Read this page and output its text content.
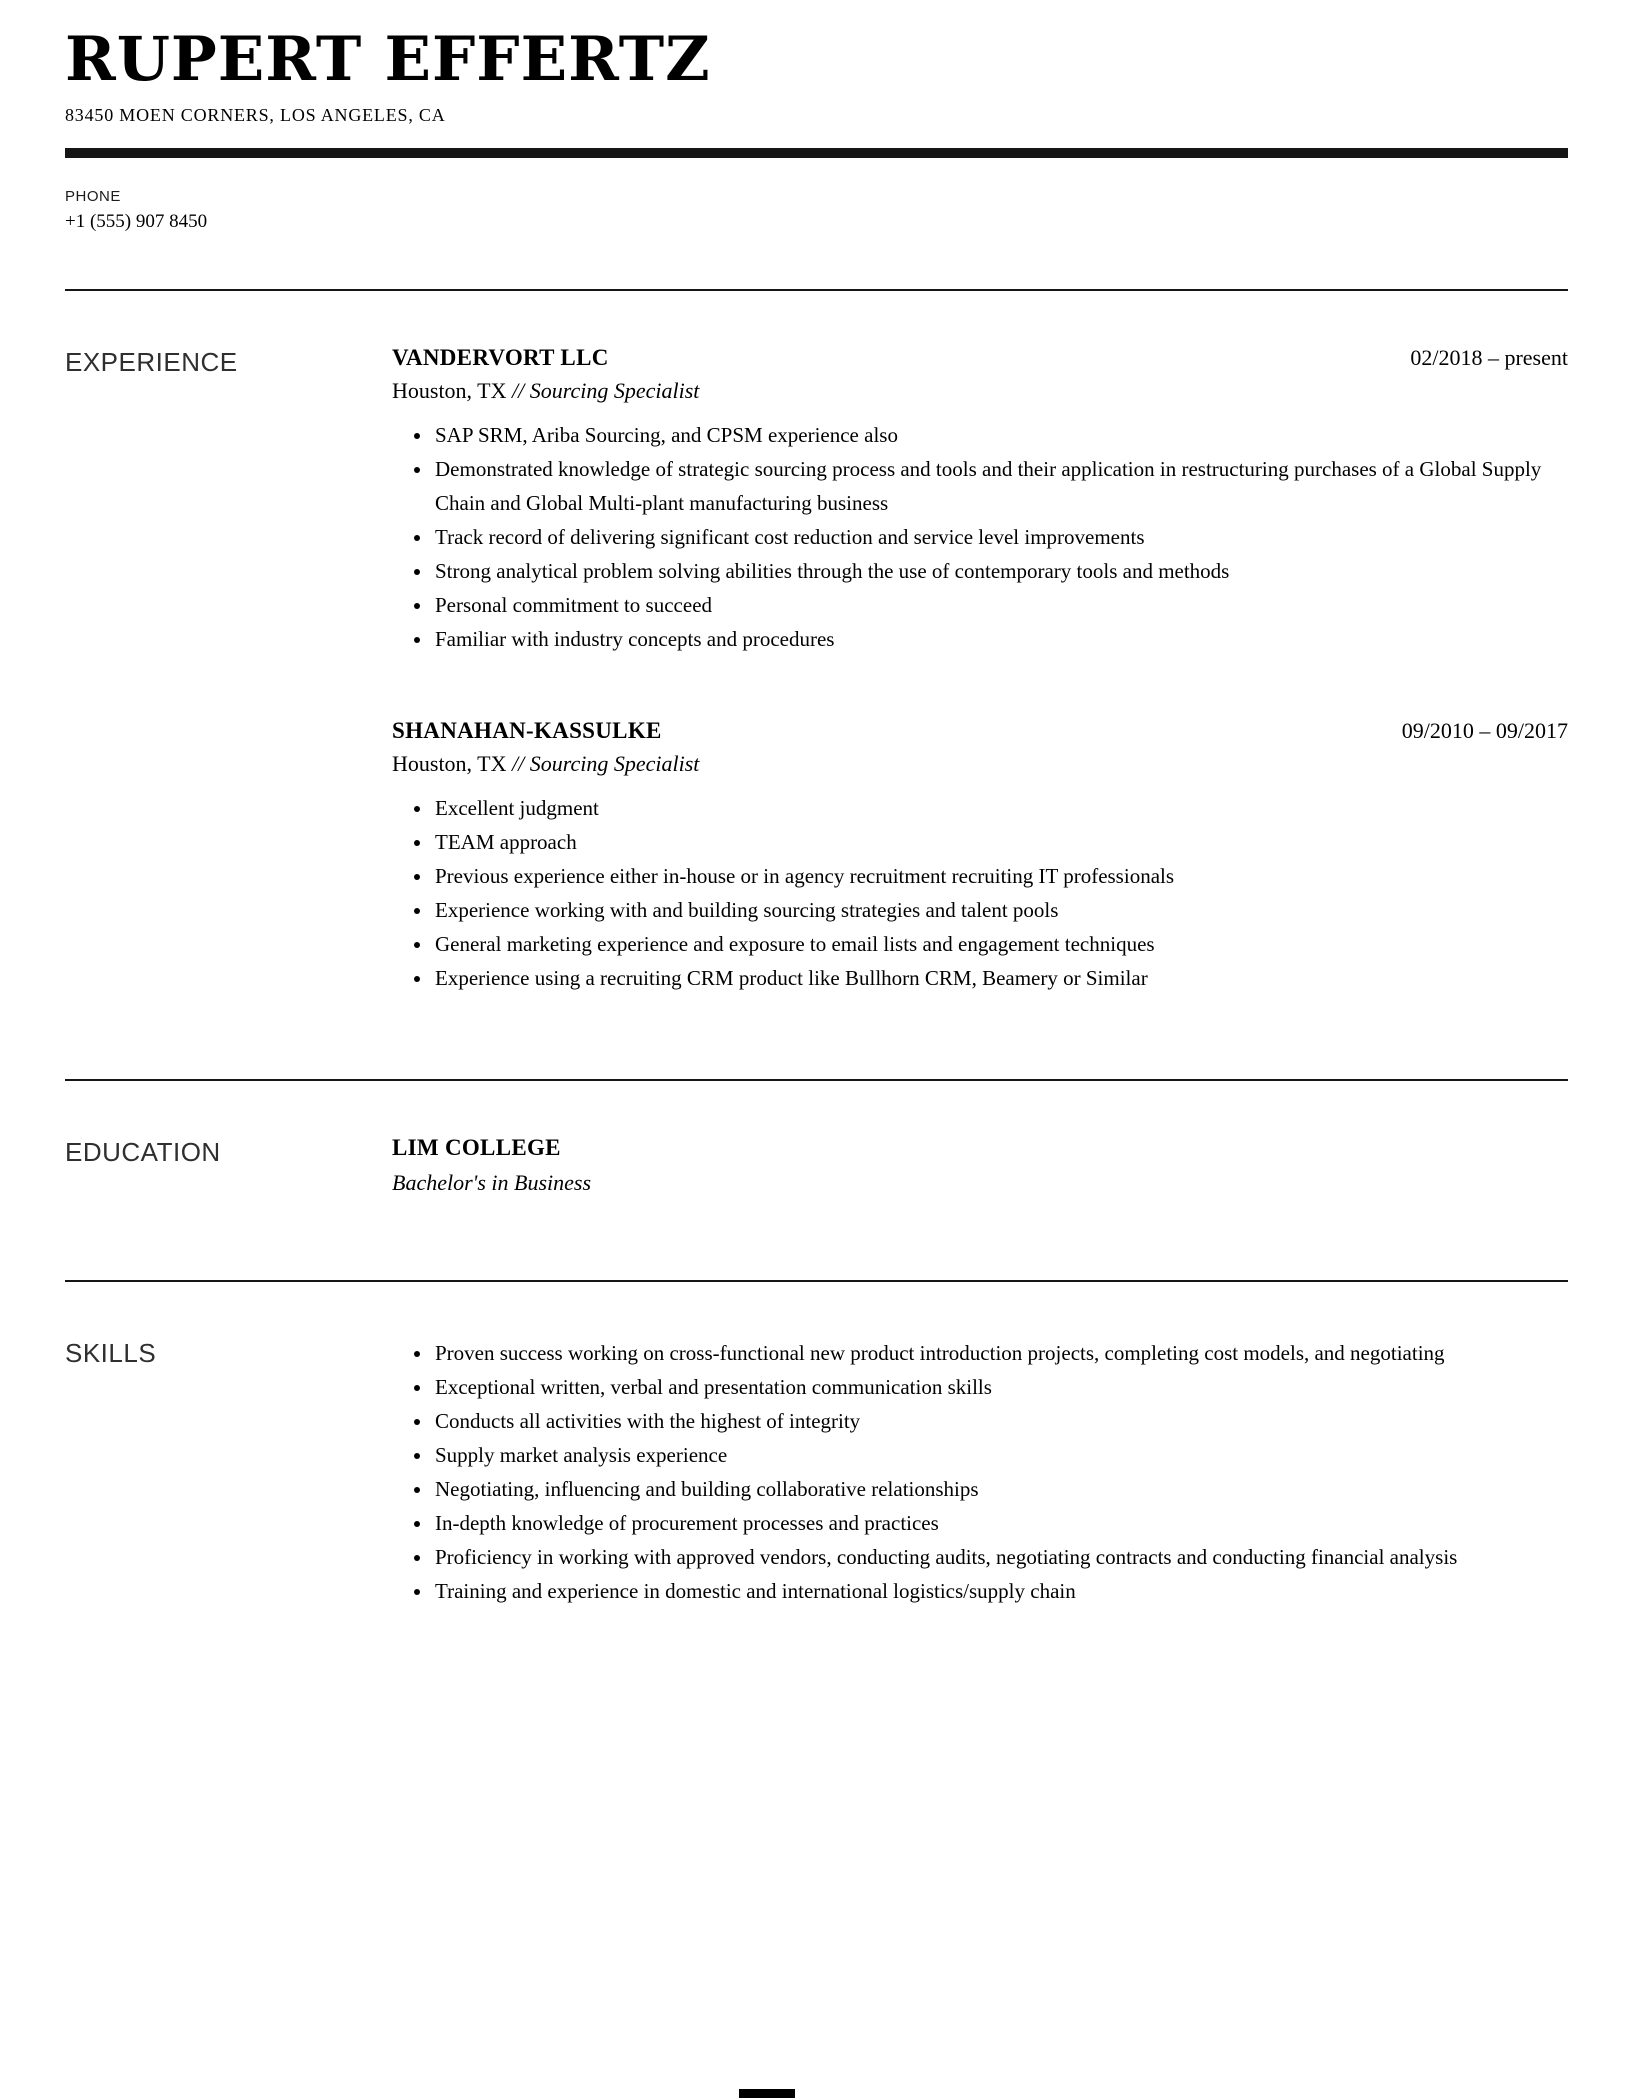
RUPERT EFFERTZ
83450 MOEN CORNERS, LOS ANGELES, CA
PHONE
+1 (555) 907 8450
EXPERIENCE	VANDERVORT LLC	02/2018 – present
Houston, TX // Sourcing Specialist
• SAP SRM, Ariba Sourcing, and CPSM experience also
• Demonstrated knowledge of strategic sourcing process and tools and their application in restructuring purchases of a Global Supply Chain and Global Multi-plant manufacturing business
• Track record of delivering significant cost reduction and service level improvements
• Strong analytical problem solving abilities through the use of contemporary tools and methods
• Personal commitment to succeed
• Familiar with industry concepts and procedures
SHANAHAN-KASSULKE	09/2010 – 09/2017
Houston, TX // Sourcing Specialist
• Excellent judgment
• TEAM approach
• Previous experience either in-house or in agency recruitment recruiting IT professionals
• Experience working with and building sourcing strategies and talent pools
• General marketing experience and exposure to email lists and engagement techniques
• Experience using a recruiting CRM product like Bullhorn CRM, Beamery or Similar
EDUCATION	LIM COLLEGE
Bachelor's in Business
SKILLS	• Proven success working on cross-functional new product introduction projects, completing cost models, and negotiating
• Exceptional written, verbal and presentation communication skills
• Conducts all activities with the highest of integrity
• Supply market analysis experience
• Negotiating, influencing and building collaborative relationships
• In-depth knowledge of procurement processes and practices
• Proficiency in working with approved vendors, conducting audits, negotiating contracts and conducting financial analysis
• Training and experience in domestic and international logistics/supply chain
